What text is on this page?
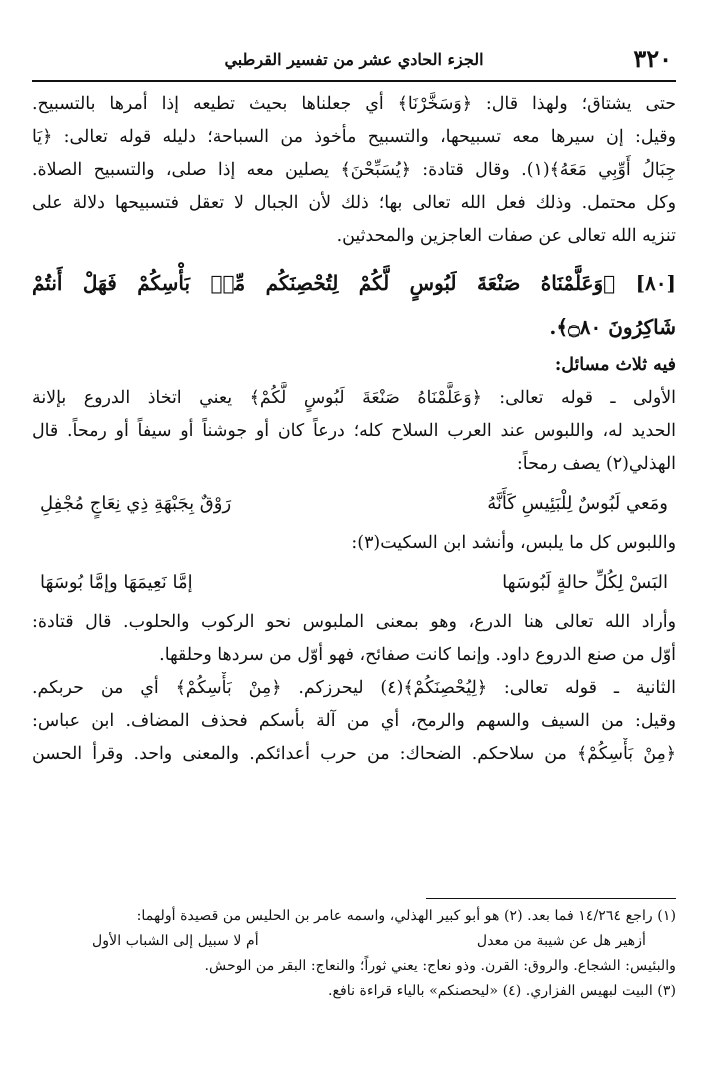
٣٢٠
الجزء الحادي عشر من تفسير القرطبي
حتى يشتاق؛ ولهذا قال: ﴿وَسَخَّرْنَا﴾ أي جعلناها بحيث تطيعه إذا أمرها بالتسبيح.
وقيل: إن سيرها معه تسبيحها، والتسبيح مأخوذ من السباحة؛ دليله قوله تعالى: ﴿يَا
جِبَالُ أَوِّبِي مَعَهُ﴾(١). وقال قتادة: ﴿يُسَبِّحْنَ﴾ يصلين معه إذا صلى، والتسبيح الصلاة.
وكل محتمل. وذلك فعل الله تعالى بها؛ ذلك لأن الجبال لا تعقل فتسبيحها دلالة على
تنزيه الله تعالى عن صفات العاجزين والمحدثين.
[٨٠] ﴿وَعَلَّمْنَاهُ صَنْعَةَ لَبُوسٍ لَّكُمْ لِتُحْصِنَكُم مِّنۢ بَأْسِكُمْ فَهَلْ أَنتُمْ
شَاكِرُونَ ۝٨٠﴾.
فيه ثلاث مسائل:
الأولى ـ قوله تعالى: ﴿وَعَلَّمْنَاهُ صَنْعَةَ لَبُوسٍ لَّكُمْ﴾ يعني اتخاذ الدروع بإلانة
الحديد له، واللبوس عند العرب السلاح كله؛ درعاً كان أو جوشناً أو سيفاً أو رمحاً. قال
الهذلي(٢) يصف رمحاً:
ومَعي لَبُوسٌ لِلْبَئِيسِ كَأَنَّهُ
رَوْقٌ بِجَبْهَةِ ذِي نِعَاجٍ مُجْفِلِ
واللبوس كل ما يلبس، وأنشد ابن السكيت(٣):
البَسْ لِكُلِّ حالةٍ لَبُوسَها
إمَّا نَعِيمَهَا وإمَّا بُوسَهَا
وأراد الله تعالى هنا الدرع، وهو بمعنى الملبوس نحو الركوب والحلوب. قال قتادة:
أوّل من صنع الدروع داود. وإنما كانت صفائح، فهو أوّل من سردها وحلقها.
الثانية ـ قوله تعالى: ﴿لِيُحْصِنَكُمْ﴾(٤) ليحرزكم. ﴿مِنْ بَأْسِكُمْ﴾ أي من حربكم.
وقيل: من السيف والسهم والرمح، أي من آلة بأسكم فحذف المضاف. ابن عباس:
﴿مِنْ بَأْسِكُمْ﴾ من سلاحكم. الضحاك: من حرب أعدائكم. والمعنى واحد. وقرأ الحسن
(١) راجع ١٤/٢٦٤ فما بعد. (٢) هو أبو كبير الهذلي، واسمه عامر بن الحليس من قصيدة أولهما:
أزهير هل عن شيبة من معدل
أم لا سبيل إلى الشباب الأول
والبئيس: الشجاع. والروق: القرن. وذو نعاج: يعني ثوراً؛ والنعاج: البقر من الوحش.
(٣) البيت لبهيس الفزاري. (٤) «ليحصنكم» بالياء قراءة نافع.
